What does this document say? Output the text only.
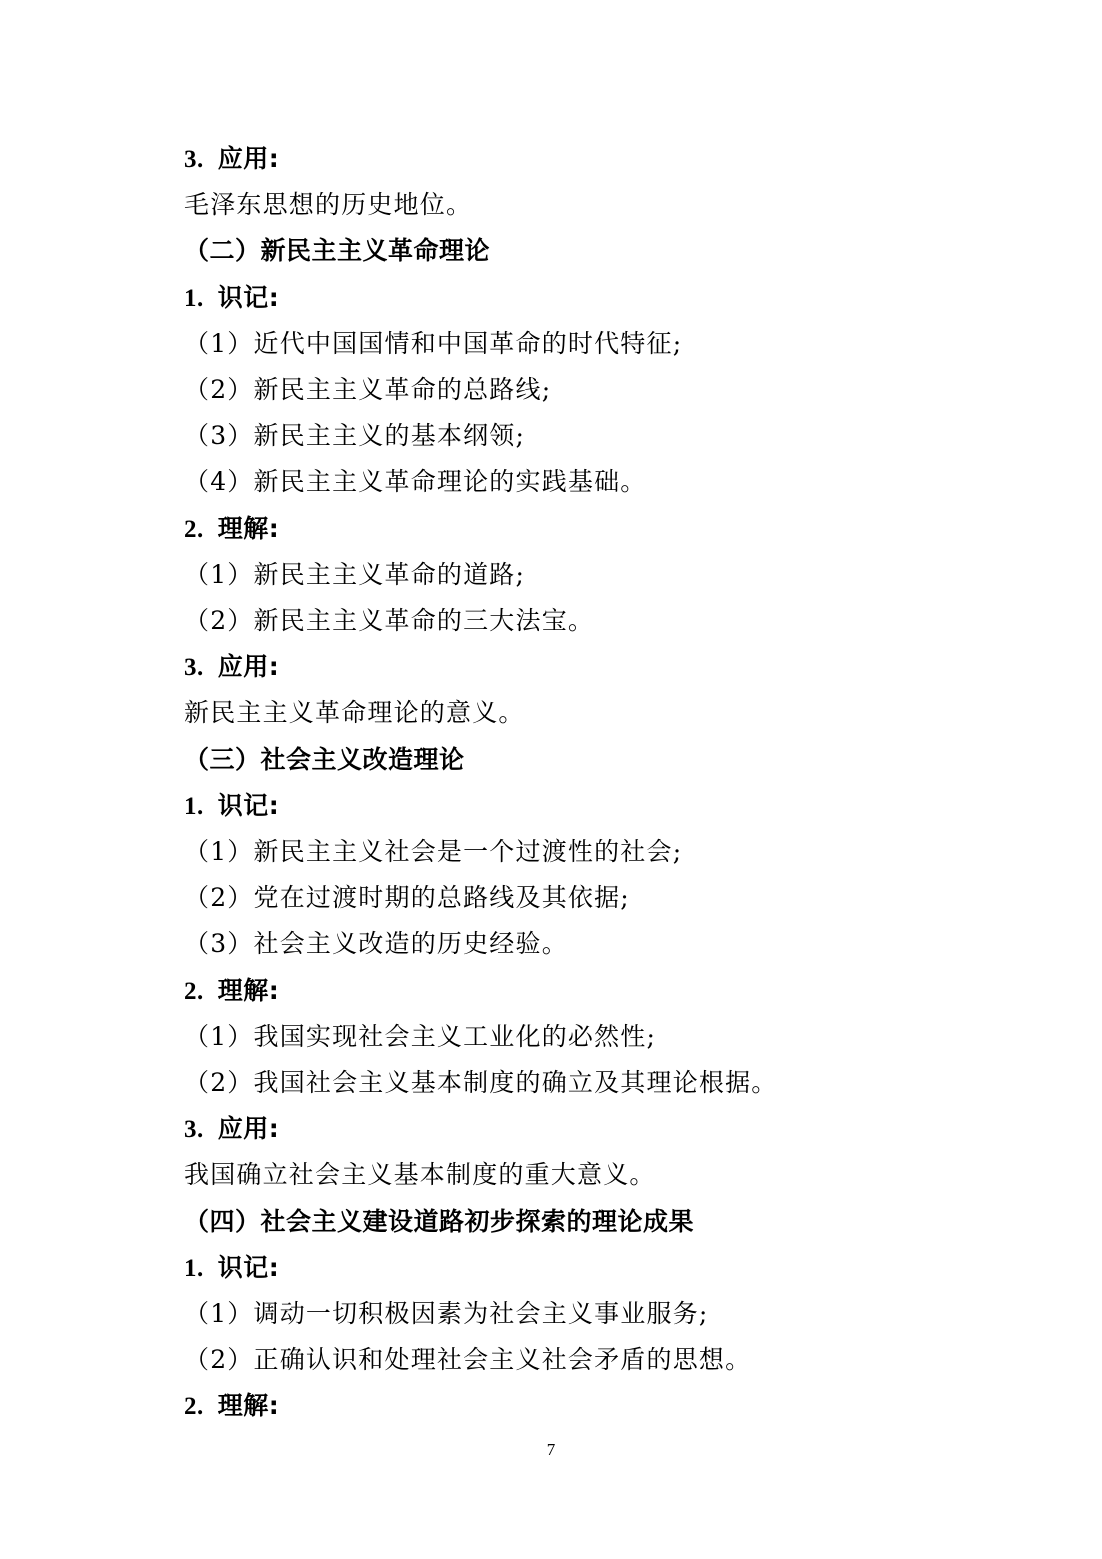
3. 应用:
毛泽东思想的历史地位。
（二）新民主主义革命理论
1. 识记:
（1）近代中国国情和中国革命的时代特征;
（2）新民主主义革命的总路线;
（3）新民主主义的基本纲领;
（4）新民主主义革命理论的实践基础。
2. 理解:
（1）新民主主义革命的道路;
（2）新民主主义革命的三大法宝。
3. 应用:
新民主主义革命理论的意义。
（三）社会主义改造理论
1. 识记:
（1）新民主主义社会是一个过渡性的社会;
（2）党在过渡时期的总路线及其依据;
（3）社会主义改造的历史经验。
2. 理解:
（1）我国实现社会主义工业化的必然性;
（2）我国社会主义基本制度的确立及其理论根据。
3. 应用:
我国确立社会主义基本制度的重大意义。
（四）社会主义建设道路初步探索的理论成果
1. 识记:
（1）调动一切积极因素为社会主义事业服务;
（2）正确认识和处理社会主义社会矛盾的思想。
2. 理解:
7
